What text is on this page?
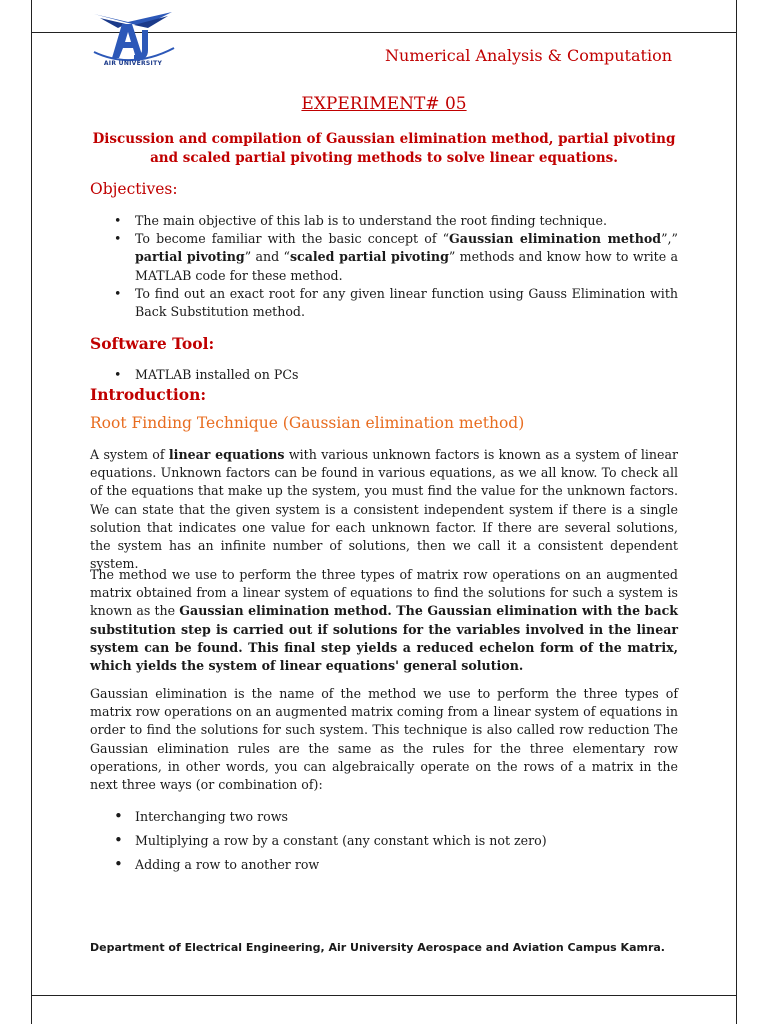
AIR UNIVERSITY	Numerical Analysis & Computation
EXPERIMENT# 05
Discussion and compilation of Gaussian elimination method, partial pivoting and scaled partial pivoting methods to solve linear equations.
Objectives:
• The main objective of this lab is to understand the root finding technique.
• To become familiar with the basic concept of “Gaussian elimination method”,” partial pivoting” and “scaled partial pivoting” methods and know how to write a MATLAB code for these method.
• To find out an exact root for any given linear function using Gauss Elimination with Back Substitution method.
Software Tool:
• MATLAB installed on PCs
Introduction:
Root Finding Technique (Gaussian elimination method)

A system of linear equations with various unknown factors is known as a system of linear equations. Unknown factors can be found in various equations, as we all know. To check all of the equations that make up the system, you must find the value for the unknown factors. We can state that the given system is a consistent independent system if there is a single solution that indicates one value for each unknown factor. If there are several solutions, the system has an infinite number of solutions, then we call it a consistent dependent system.

The method we use to perform the three types of matrix row operations on an augmented matrix obtained from a linear system of equations to find the solutions for such a system is known as the Gaussian elimination method. The Gaussian elimination with the back substitution step is carried out if solutions for the variables involved in the linear system can be found. This final step yields a reduced echelon form of the matrix, which yields the system of linear equations' general solution.

Gaussian elimination is the name of the method we use to perform the three types of matrix row operations on an augmented matrix coming from a linear system of equations in order to find the solutions for such system. This technique is also called row reduction The Gaussian elimination rules are the same as the rules for the three elementary row operations, in other words, you can algebraically operate on the rows of a matrix in the next three ways (or combination of):

• Interchanging two rows
• Multiplying a row by a constant (any constant which is not zero)
• Adding a row to another row
Department of Electrical Engineering, Air University Aerospace and Aviation Campus Kamra.
